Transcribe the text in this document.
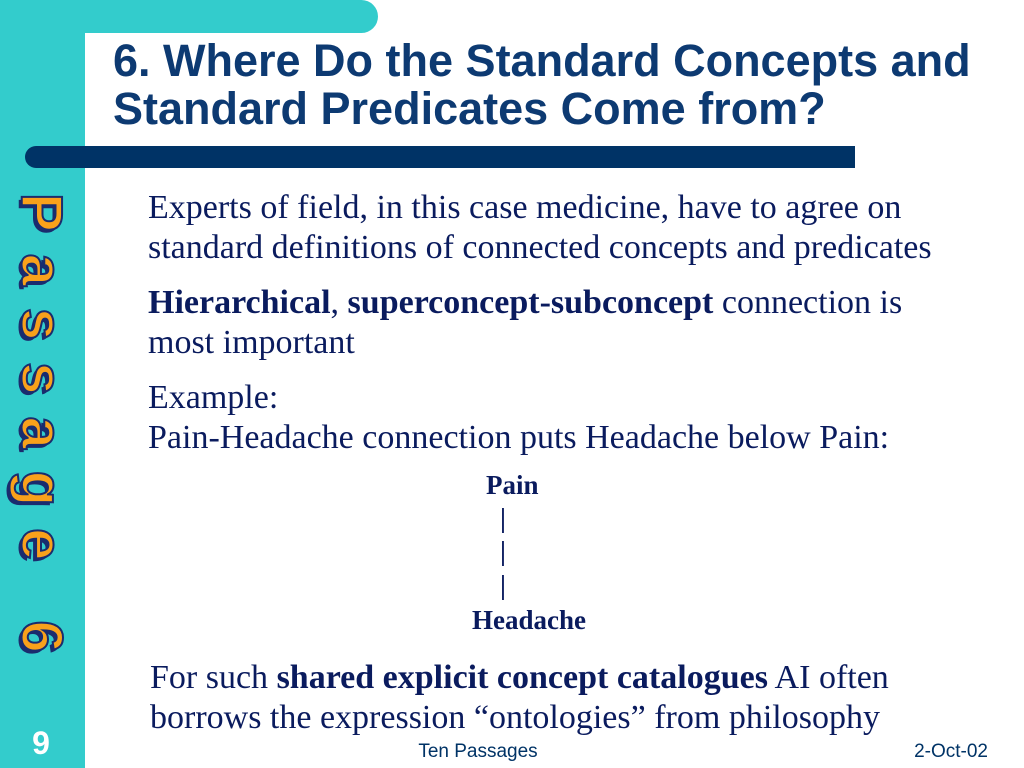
Passage 6
6. Where Do the Standard Concepts and
Standard Predicates Come from?
Experts of field, in this case medicine, have to agree on standard definitions of connected concepts and predicates
Hierarchical, superconcept-subconcept connection is most important
Example:
Pain-Headache connection puts Headache below Pain:
Pain
|
|
|
Headache
For such shared explicit concept catalogues AI often borrows the expression “ontologies” from philosophy
9	Ten Passages	2-Oct-02
